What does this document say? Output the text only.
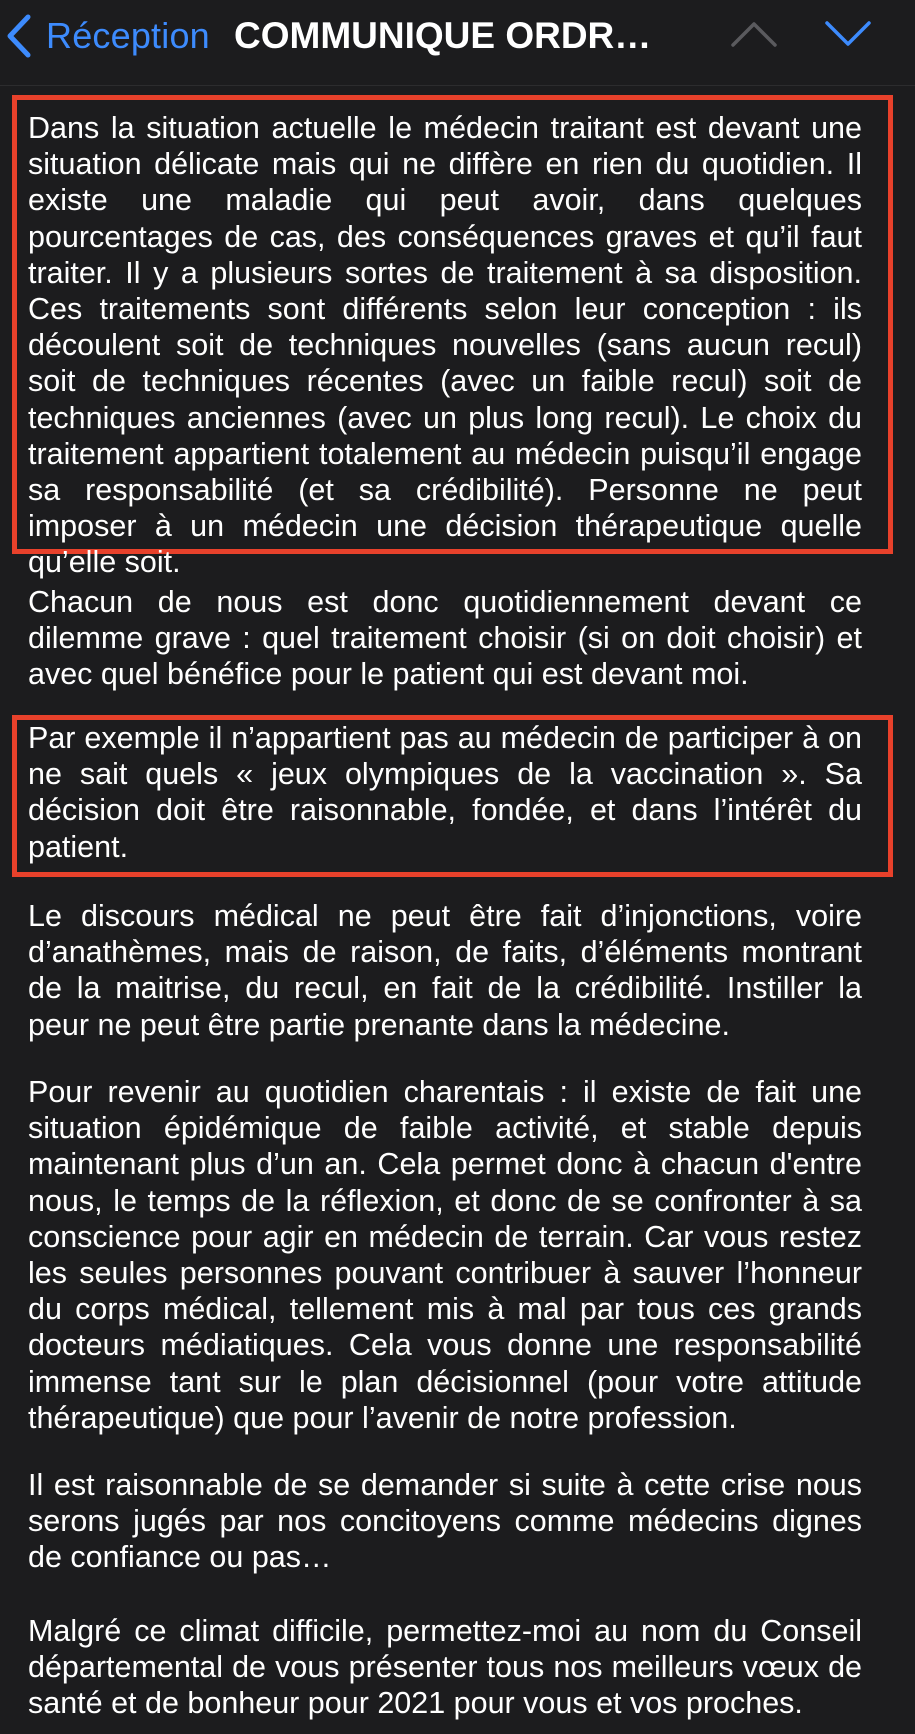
Réception COMMUNIQUE ORDR…

Dans la situation actuelle le médecin traitant est devant une situation délicate mais qui ne diffère en rien du quotidien. Il existe une maladie qui peut avoir, dans quelques pourcentages de cas, des conséquences graves et qu’il faut traiter. Il y a plusieurs sortes de traitement à sa disposition. Ces traitements sont différents selon leur conception : ils découlent soit de techniques nouvelles (sans aucun recul) soit de techniques récentes (avec un faible recul) soit de techniques anciennes (avec un plus long recul). Le choix du traitement appartient totalement au médecin puisqu’il engage sa responsabilité (et sa crédibilité). Personne ne peut imposer à un médecin une décision thérapeutique quelle qu’elle soit.

Chacun de nous est donc quotidiennement devant ce dilemme grave : quel traitement choisir (si on doit choisir) et avec quel bénéfice pour le patient qui est devant moi.

Par exemple il n’appartient pas au médecin de participer à on ne sait quels « jeux olympiques de la vaccination ». Sa décision doit être raisonnable, fondée, et dans l’intérêt du patient.

Le discours médical ne peut être fait d’injonctions, voire d’anathèmes, mais de raison, de faits, d’éléments montrant de la maitrise, du recul, en fait de la crédibilité. Instiller la peur ne peut être partie prenante dans la médecine.

Pour revenir au quotidien charentais : il existe de fait une situation épidémique de faible activité, et stable depuis maintenant plus d’un an. Cela permet donc à chacun d'entre nous, le temps de la réflexion, et donc de se confronter à sa conscience pour agir en médecin de terrain. Car vous restez les seules personnes pouvant contribuer à sauver l’honneur du corps médical, tellement mis à mal par tous ces grands docteurs médiatiques. Cela vous donne une responsabilité immense tant sur le plan décisionnel (pour votre attitude thérapeutique) que pour l’avenir de notre profession.

Il est raisonnable de se demander si suite à cette crise nous serons jugés par nos concitoyens comme médecins dignes de confiance ou pas…

Malgré ce climat difficile, permettez-moi au nom du Conseil départemental de vous présenter tous nos meilleurs vœux de santé et de bonheur pour 2021 pour vous et vos proches.
